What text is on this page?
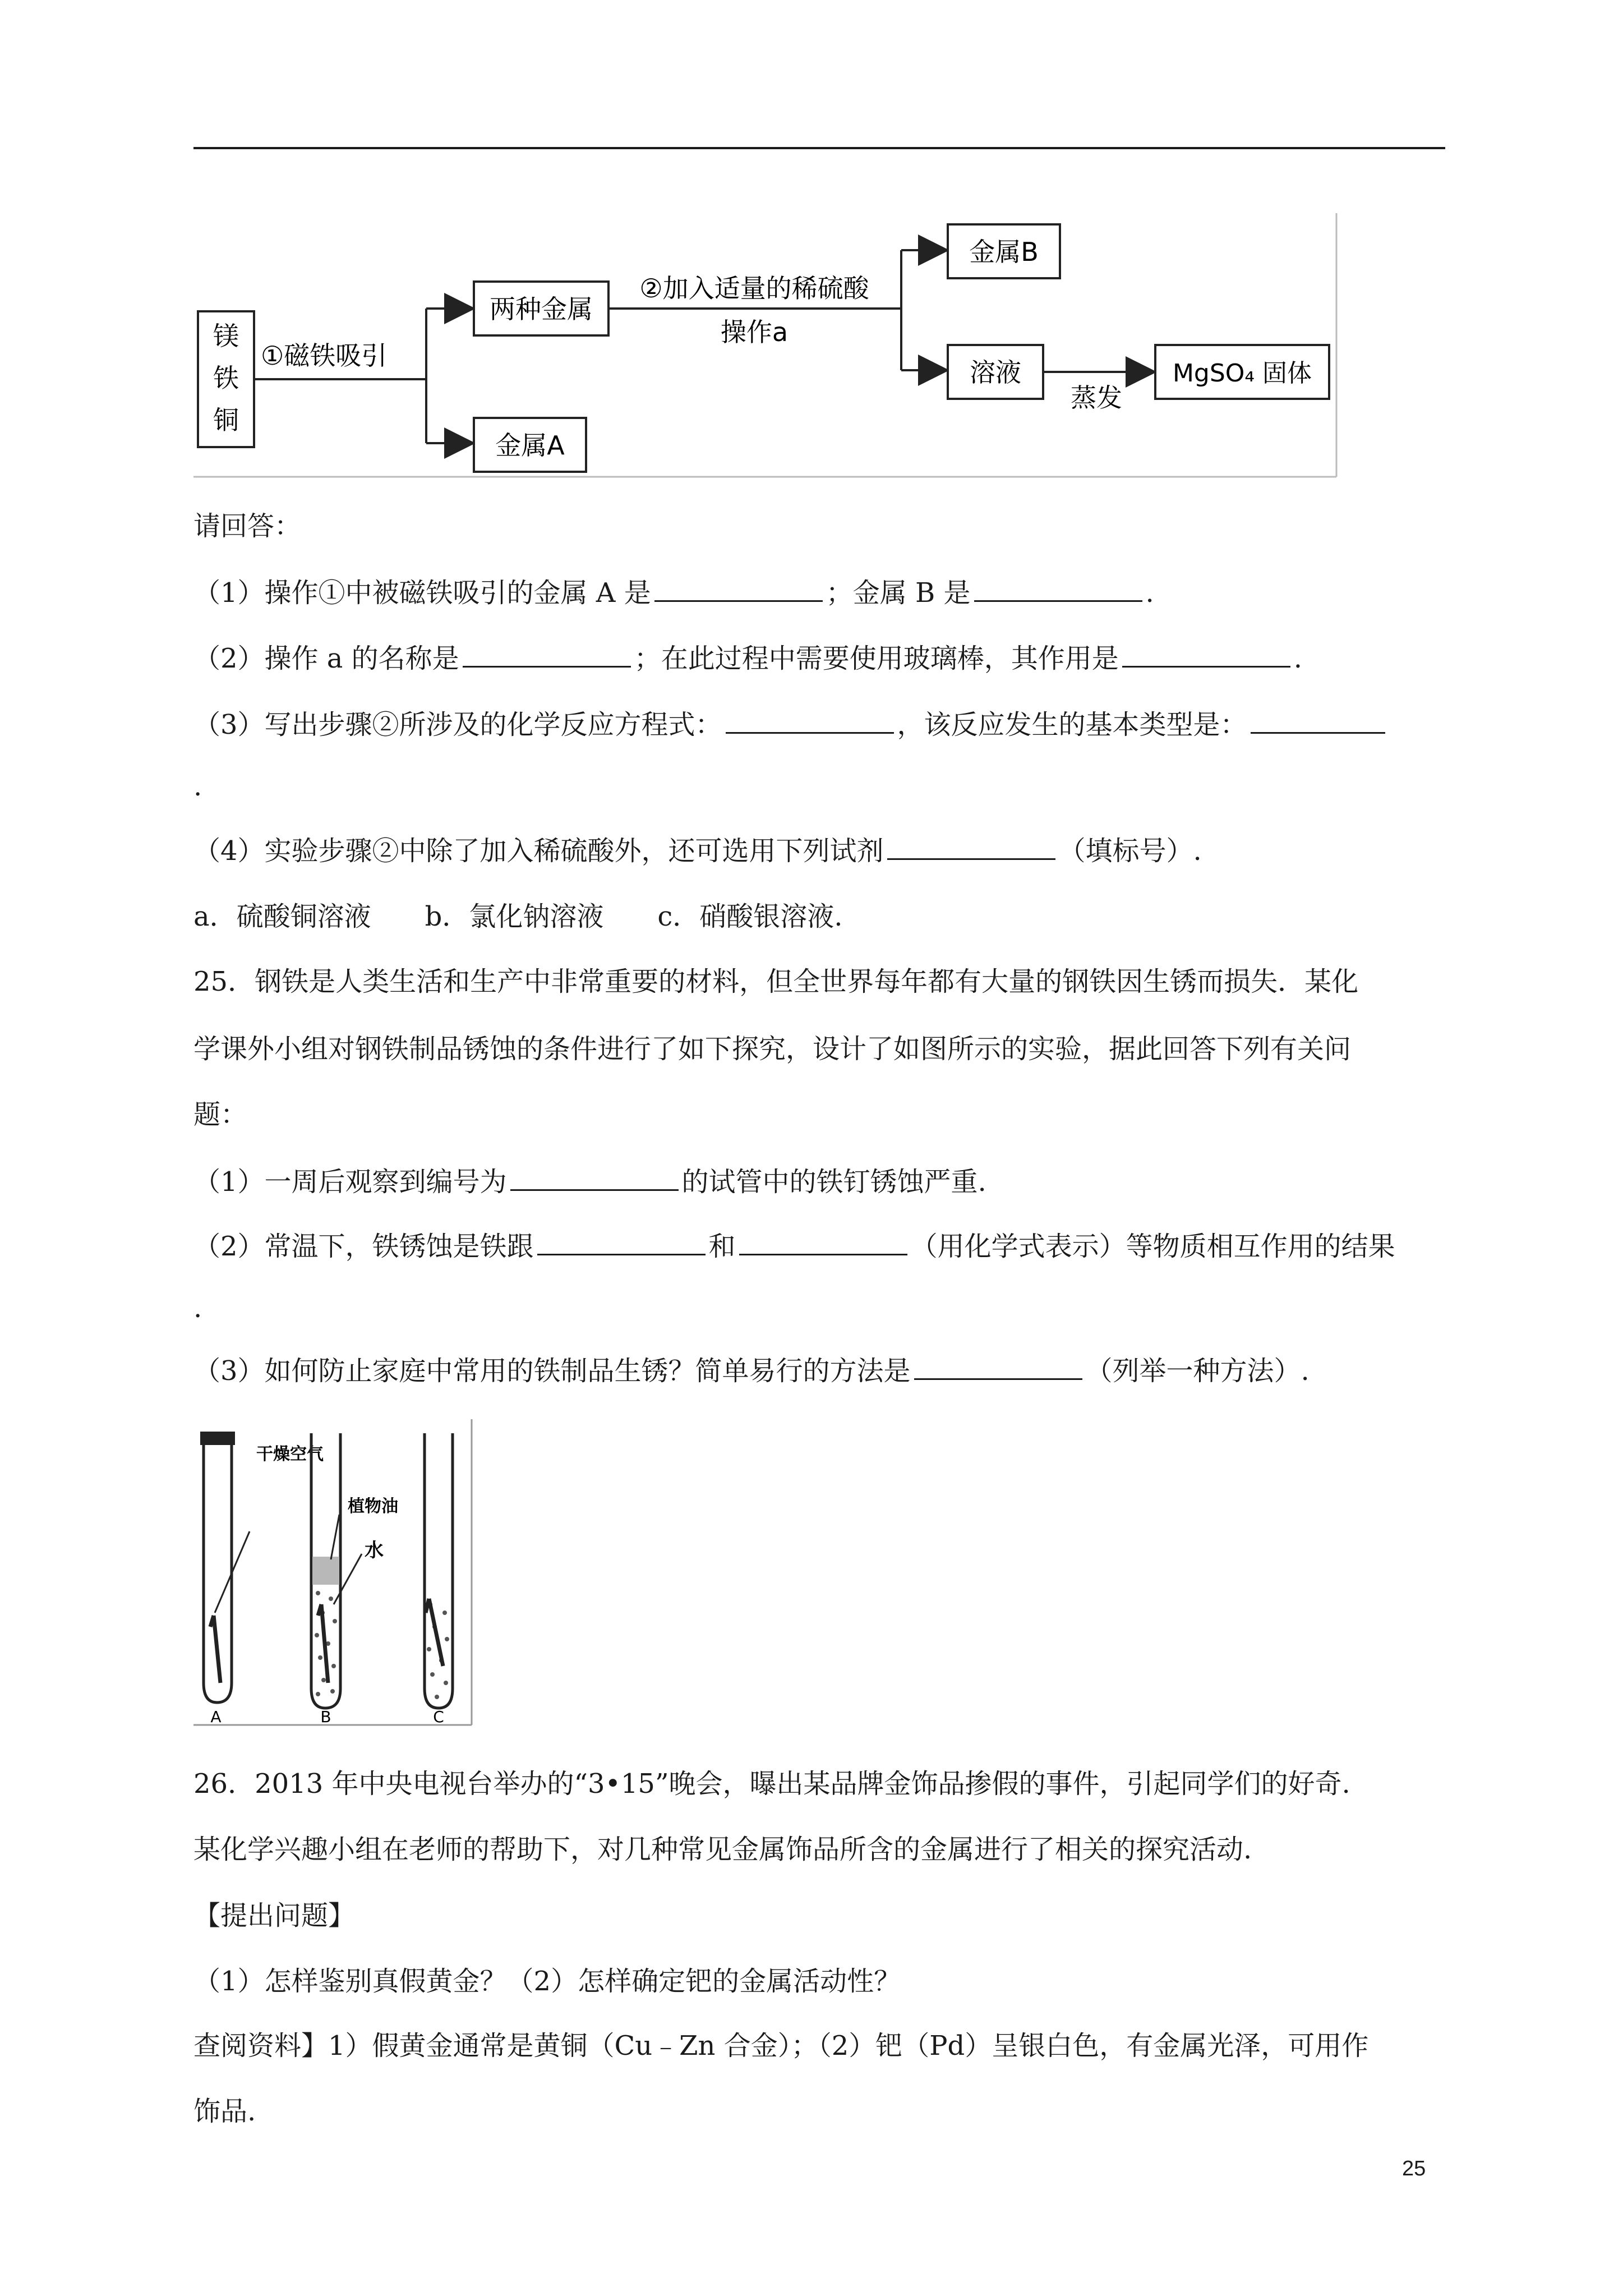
镁
铁
铜
①磁铁吸引
两种金属
金属A
②加入适量的稀硫酸
操作a
金属B
溶液
蒸发
MgSO₄ 固体
请回答：
（1）操作①中被磁铁吸引的金属 A 是	；金属 B 是	.
（2）操作 a 的名称是	；在此过程中需要使用玻璃棒，其作用是	.
（3）写出步骤②所涉及的化学反应方程式：	，该反应发生的基本类型是：
.
（4）实验步骤②中除了加入稀硫酸外，还可选用下列试剂	（填标号）.
a．硫酸铜溶液　　b．氯化钠溶液　　c．硝酸银溶液.
25．钢铁是人类生活和生产中非常重要的材料，但全世界每年都有大量的钢铁因生锈而损失．某化
学课外小组对钢铁制品锈蚀的条件进行了如下探究，设计了如图所示的实验，据此回答下列有关问
题：
（1）一周后观察到编号为	的试管中的铁钉锈蚀严重.
（2）常温下，铁锈蚀是铁跟	和	（用化学式表示）等物质相互作用的结果
.
（3）如何防止家庭中常用的铁制品生锈？简单易行的方法是	（列举一种方法）.
干燥空气
植物油
水
A	B	C
26．2013 年中央电视台举办的“3•15”晚会，曝出某品牌金饰品掺假的事件，引起同学们的好奇.
某化学兴趣小组在老师的帮助下，对几种常见金属饰品所含的金属进行了相关的探究活动.
【提出问题】
（1）怎样鉴别真假黄金？（2）怎样确定钯的金属活动性？
查阅资料】1）假黄金通常是黄铜（Cu﹣Zn 合金）；（2）钯（Pd）呈银白色，有金属光泽，可用作
饰品.
25
